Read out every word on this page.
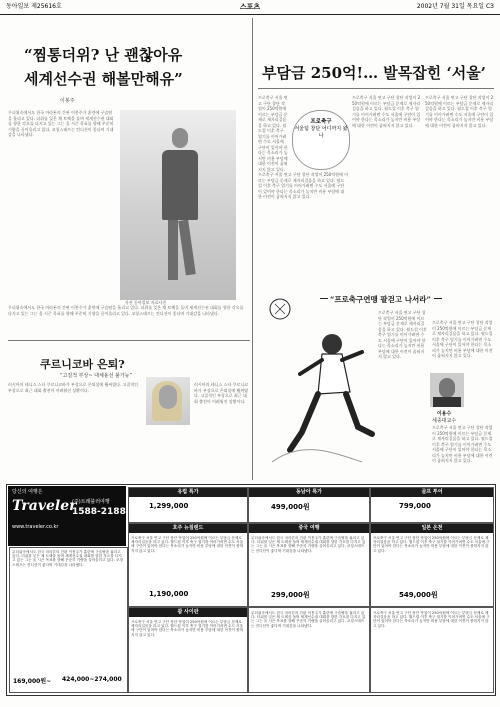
동아일보 제25616호	스포츠	2002년 7월 31일 목요일 C3
“찜통더위? 난 괜찮아유
세계선수권 해볼만해유”
이봉주
무더위속에서도 한국 마라톤의 간판 이봉주가 훈련에 구슬땀을 흘리고 있다. 더위를 잊은 채 트랙을 돌며 세계선수권 대회를 향한 각오를 다지고 있는 그는 올 시즌 목표를 향해 꾸준히 기량을 끌어올리고 있다. 코칭스태프는 컨디션이 좋다며 기대감을 나타냈다.
사진 동아일보 자료사진
무더위속에서도 한국 마라톤의 간판 이봉주가 훈련에 구슬땀을 흘리고 있다. 더위를 잊은 채 트랙을 돌며 세계선수권 대회를 향한 각오를 다지고 있는 그는 올 시즌 목표를 향해 꾸준히 기량을 끌어올리고 있다. 코칭스태프는 컨디션이 좋다며 기대감을 나타냈다.
쿠르니코바 은퇴?
“고질적 부상~ 대체용선 불가능”
러시아의 테니스 스타 쿠르니코바가 부상으로 은퇴설에 휩싸였다. 고질적인 부상으로 최근 대회 출전이 어려워진 상황이다.
러시아의 테니스 스타 쿠르니코바가 부상으로 은퇴설에 휩싸였다. 고질적인 부상으로 최근 대회 출전이 어려워진 상황이다.
부담금 250억!… 발목잡힌 ‘서울’
프로축구
서울팀 창단 어디까지 왔나
프로축구 서울 연고 구단 창단 작업이 250억원에 이르는 부담금 문제로 제자리걸음을 하고 있다. 월드컵 이후 축구 열기를 이어가려면 수도 서울에 구단이 있어야 한다는 목소리가 높지만 비용 부담에 대한 이견이 좁혀지지 않고 있다.
프로축구 서울 연고 구단 창단 작업이 250억원에 이르는 부담금 문제로 제자리걸음을 하고 있다. 월드컵 이후 축구 열기를 이어가려면 수도 서울에 구단이 있어야 한다는 목소리가 높지만 비용 부담에 대한 이견이 좁혀지지 않고 있다.
프로축구 서울 연고 구단 창단 작업이 250억원에 이르는 부담금 문제로 제자리걸음을 하고 있다. 월드컵 이후 축구 열기를 이어가려면 수도 서울에 구단이 있어야 한다는 목소리가 높지만 비용 부담에 대한 이견이 좁혀지지 않고 있다.
프로축구 서울 연고 구단 창단 작업이 250억원에 이르는 부담금 문제로 제자리걸음을 하고 있다. 월드컵 이후 축구 열기를 이어가려면 수도 서울에 구단이 있어야 한다는 목소리가 높지만 비용 부담에 대한 이견이 좁혀지지 않고 있다.
“프로축구연맹 팔걷고 나서라”
프로축구 서울 연고 구단 창단 작업이 250억원에 이르는 부담금 문제로 제자리걸음을 하고 있다. 월드컵 이후 축구 열기를 이어가려면 수도 서울에 구단이 있어야 한다는 목소리가 높지만 비용 부담에 대한 이견이 좁혀지지 않고 있다.
프로축구 서울 연고 구단 창단 작업이 250억원에 이르는 부담금 문제로 제자리걸음을 하고 있다. 월드컵 이후 축구 열기를 이어가려면 수도 서울에 구단이 있어야 한다는 목소리가 높지만 비용 부담에 대한 이견이 좁혀지지 않고 있다.
이용수
세종대교수
프로축구 서울 연고 구단 창단 작업이 250억원에 이르는 부담금 문제로 제자리걸음을 하고 있다. 월드컵 이후 축구 열기를 이어가려면 수도 서울에 구단이 있어야 한다는 목소리가 높지만 비용 부담에 대한 이견이 좁혀지지 않고 있다.
유럽 특가
1,299,000
동남아 특가
499,000원
골프 투어
799,000
호주 뉴질랜드
프로축구 서울 연고 구단 창단 작업이 250억원에 이르는 부담금 문제로 제자리걸음을 하고 있다. 월드컵 이후 축구 열기를 이어가려면 수도 서울에 구단이 있어야 한다는 목소리가 높지만 비용 부담에 대한 이견이 좁혀지지 않고 있다.
1,190,000
중국 여행
무더위속에서도 한국 마라톤의 간판 이봉주가 훈련에 구슬땀을 흘리고 있다. 더위를 잊은 채 트랙을 돌며 세계선수권 대회를 향한 각오를 다지고 있는 그는 올 시즌 목표를 향해 꾸준히 기량을 끌어올리고 있다. 코칭스태프는 컨디션이 좋다며 기대감을 나타냈다.
299,000원
일본 온천
프로축구 서울 연고 구단 창단 작업이 250억원에 이르는 부담금 문제로 제자리걸음을 하고 있다. 월드컵 이후 축구 열기를 이어가려면 수도 서울에 구단이 있어야 한다는 목소리가 높지만 비용 부담에 대한 이견이 좁혀지지 않고 있다.
549,000원
무더위속에서도 한국 마라톤의 간판 이봉주가 훈련에 구슬땀을 흘리고 있다. 더위를 잊은 채 트랙을 돌며 세계선수권 대회를 향한 각오를 다지고 있는 그는 올 시즌 목표를 향해 꾸준히 기량을 끌어올리고 있다. 코칭스태프는 컨디션이 좋다며 기대감을 나타냈다.
169,000원~ 424,000~274,000
괌 사이판
프로축구 서울 연고 구단 창단 작업이 250억원에 이르는 부담금 문제로 제자리걸음을 하고 있다. 월드컵 이후 축구 열기를 이어가려면 수도 서울에 구단이 있어야 한다는 목소리가 높지만 비용 부담에 대한 이견이 좁혀지지 않고 있다.
무더위속에서도 한국 마라톤의 간판 이봉주가 훈련에 구슬땀을 흘리고 있다. 더위를 잊은 채 트랙을 돌며 세계선수권 대회를 향한 각오를 다지고 있는 그는 올 시즌 목표를 향해 꾸준히 기량을 끌어올리고 있다. 코칭스태프는 컨디션이 좋다며 기대감을 나타냈다.
프로축구 서울 연고 구단 창단 작업이 250억원에 이르는 부담금 문제로 제자리걸음을 하고 있다. 월드컵 이후 축구 열기를 이어가려면 수도 서울에 구단이 있어야 한다는 목소리가 높지만 비용 부담에 대한 이견이 좁혀지지 않고 있다.
당신의 여행은
Traveler
(주)트래블러여행
1588-2188
www.traveler.co.kr
